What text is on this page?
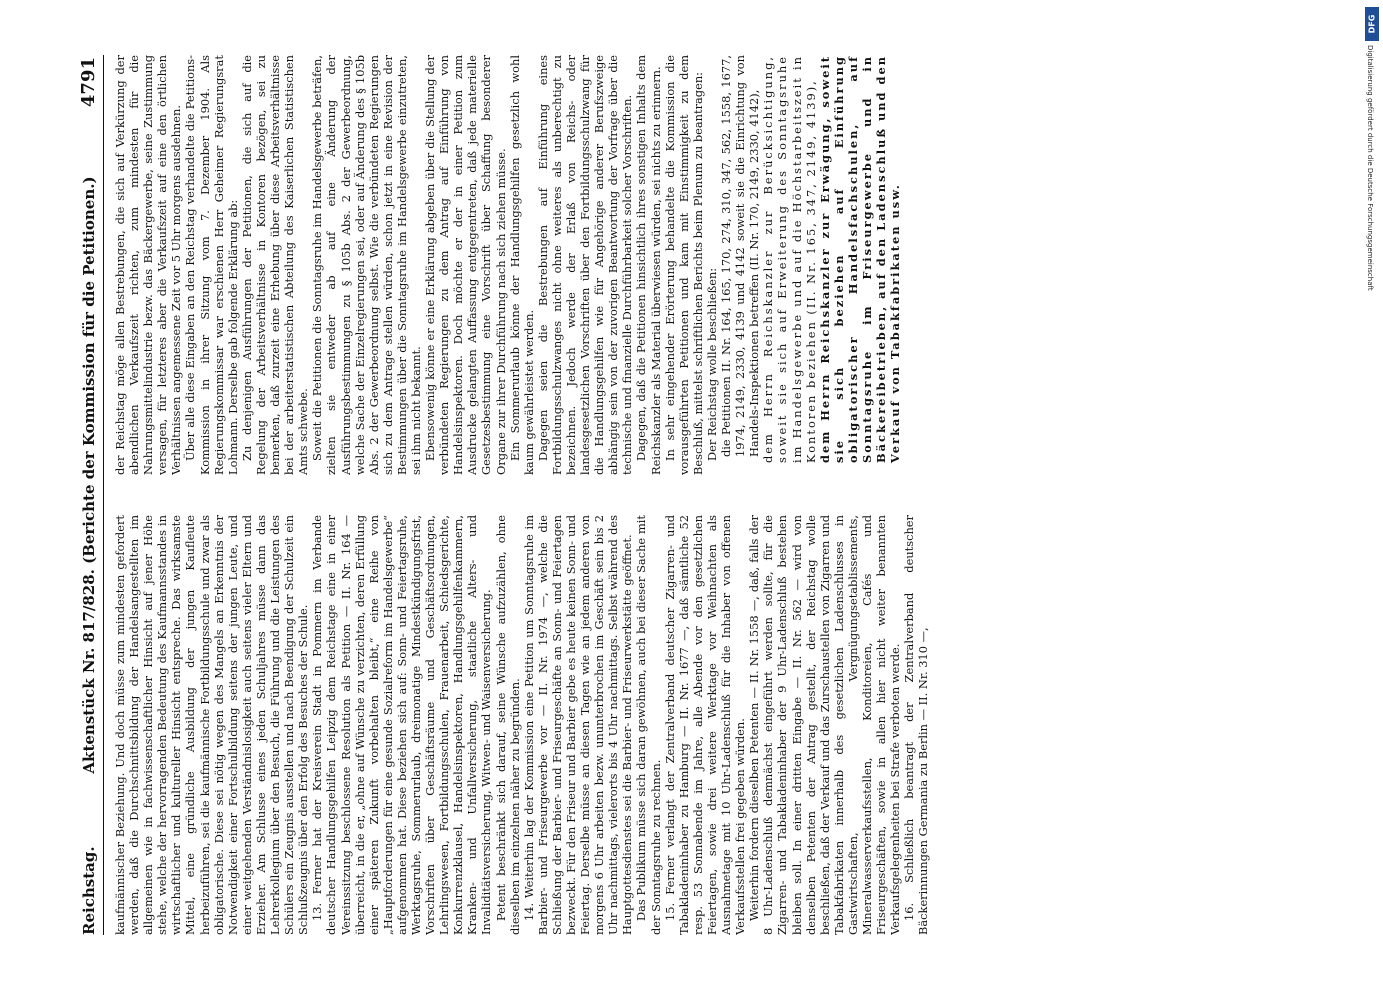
Reichstag.
Aktenstück Nr. 817/828. (Berichte der Kommission für die Petitionen.)
4791

kaufmännischer Beziehung. Und doch müsse zum mindesten gefordert werden, daß die Durchschnittsbildung der Handelsangestellten im allgemeinen wie in fachwissenschaftlicher Hinsicht auf jener Höhe stehe, welche der hervorragenden Bedeutung des Kaufmannsstandes in wirtschaftlicher und kultureller Hinsicht entspreche. Das wirksamste Mittel, eine gründliche Ausbildung der jungen Kaufleute herbeizuführen, sei die kaufmännische Fortbildungsschule und zwar als obligatorische. Diese sei nötig wegen des Mangels an Erkenntnis der Notwendigkeit einer Fortschulbildung seitens der jungen Leute, und einer weitgehenden Verständnislosigkeit auch seitens vieler Eltern und Erzieher. Am Schlusse eines jeden Schuljahres müsse dann das Lehrerkollegium über den Besuch, die Führung und die Leistungen des Schülers ein Zeugnis ausstellen und nach Beendigung der Schulzeit ein Schlußzeugnis über den Erfolg des Besuches der Schule. 13. Ferner hat der Kreisverein Stadt in Pommern im Verbande deutscher Handlungsgehilfen Leipzig dem Reichstage eine in einer Vereinssitzung beschlossene Resolution als Petition — II. Nr. 164 — überreicht, in die er, „ohne auf Wünsche zu verzichten, deren Erfüllung einer späteren Zukunft vorbehalten bleibt,“ eine Reihe von „Hauptforderungen für eine gesunde Sozialreform im Handelsgewerbe“ aufgenommen hat. Diese beziehen sich auf: Sonn- und Feiertagsruhe, Werktagsruhe, Sommerurlaub, dreimonatige Mindestkündigungsfrist, Vorschriften über Geschäftsräume und Geschäftsordnungen, Lehrlingswesen, Fortbildungsschulen, Frauenarbeit, Schiedsgerichte, Konkurrenzklausel, Handelsinspektoren, Handlungsgehilfenkammern, Kranken- und Unfallversicherung, staatliche Alters- und Invaliditätsversicherung, Witwen- und Waisenversicherung. Petent beschränkt sich darauf, seine Wünsche aufzuzählen, ohne dieselben im einzelnen näher zu begründen. 14. Weiterhin lag der Kommission eine Petition um Sonntagsruhe im Barbier- und Friseurgewerbe vor — II. Nr. 1974 —, welche die Schließung der Barbier- und Friseurgeschäfte an Sonn- und Feiertagen bezweckt. Für den Friseur und Barbier gebe es heute keinen Sonn- und Feiertag. Derselbe müsse an diesen Tagen wie an jedem anderen von morgens 6 Uhr arbeiten bezw. ununterbrochen im Geschäft sein bis 2 Uhr nachmittags, vielerorts bis 4 Uhr nachmittags. Selbst während des Hauptgottesdienstes sei die Barbier- und Friseurwerkstätte geöffnet. Das Publikum müsse sich daran gewöhnen, auch bei dieser Sache mit der Sonntagsruhe zu rechnen. 15. Ferner verlangt der Zentralverband deutscher Zigarren- und Tabakladeninhaber zu Hamburg — II. Nr. 1677 —, daß sämtliche 52 resp. 53 Sonnabende im Jahre, alle Abende vor den gesetzlichen Feiertagen, sowie drei weitere Werktage vor Weihnachten als Ausnahmetage mit 10 Uhr-Ladenschluß für die Inhaber von offenen Verkaufsstellen frei gegeben würden. Weiterhin fordern dieselben Petenten — II. Nr. 1558 —, daß, falls der 8 Uhr-Ladenschluß demnächst eingeführt werden sollte, für die Zigarren- und Tabakladeninhaber der 9 Uhr-Ladenschluß bestehen bleiben soll. In einer dritten Eingabe — II. Nr. 562 — wird von denselben Petenten der Antrag gestellt, der Reichstag wolle beschließen, daß der Verkauf und das Zurschaustellen von Zigarren und Tabakfabrikaten innerhalb des gesetzlichen Ladenschlusses in Gastwirtschaften, Vergnügungsetablissements, Mineralwasserverkaufsstellen, Konditoreien, Cafés und Friseurgeschäften, sowie in allen hier nicht weiter benannten Verkaufsgelegenheiten bei Strafe verboten werde. 16. Schließlich beantragt der Zentralverband deutscher Bäckerinnungen Germania zu Berlin — II. Nr. 310 —,

der Reichstag möge allen Bestrebungen, die sich auf Verkürzung der abendlichen Verkaufszeit richten, zum mindesten für die Nahrungsmittelindustrie bezw. das Bäckergewerbe, seine Zustimmung versagen, für letzteres aber die Verkaufszeit auf eine den örtlichen Verhältnissen angemessene Zeit vor 5 Uhr morgens ausdehnen. Über alle diese Eingaben an den Reichstag verhandelte die Petitions-Kommission in ihrer Sitzung vom 7. Dezember 1904. Als Regierungskommissar war erschienen Herr Geheimer Regierungsrat Lohmann. Derselbe gab folgende Erklärung ab: Zu denjenigen Ausführungen der Petitionen, die sich auf die Regelung der Arbeitsverhältnisse in Kontoren bezögen, sei zu bemerken, daß zurzeit eine Erhebung über diese Arbeitsverhältnisse bei der arbeiterstatistischen Abteilung des Kaiserlichen Statistischen Amts schwebe. Soweit die Petitionen die Sonntagsruhe im Handelsgewerbe beträfen, zielten sie entweder ab auf eine Änderung der Ausführungsbestimmungen zu § 105b Abs. 2 der Gewerbeordnung, welche Sache der Einzelregierungen sei, oder auf Änderung des § 105b Abs. 2 der Gewerbeordnung selbst. Wie die verbündeten Regierungen sich zu dem Antrage stellen würden, schon jetzt in eine Revision der Bestimmungen über die Sonntagsruhe im Handelsgewerbe einzutreten, sei ihm nicht bekannt. Ebensowenig könne er eine Erklärung abgeben über die Stellung der verbündeten Regierungen zu dem Antrag auf Einführung von Handelsinspektoren. Doch möchte er der in einer Petition zum Ausdrucke gelangten Auffassung entgegentreten, daß jede materielle Gesetzesbestimmung eine Vorschrift über Schaffung besonderer Organe zur ihrer Durchführung nach sich ziehen müsse. Ein Sommerurlaub könne der Handlungsgehilfen gesetzlich wohl kaum gewährleistet werden. Dagegen seien die Bestrebungen auf Einführung eines Fortbildungsschulzwanges nicht ohne weiteres als unberechtigt zu bezeichnen. Jedoch werde der Erlaß von Reichs- oder landesgesetzlichen Vorschriften über den Fortbildungsschulzwang für die Handlungsgehilfen wie für Angehörige anderer Berufszweige abhängig sein von der zuvorigen Beantwortung der Vorfrage über die technische und finanzielle Durchführbarkeit solcher Vorschriften. Dagegen, daß die Petitionen hinsichtlich ihres sonstigen Inhalts dem Reichskanzler als Material überwiesen würden, sei nichts zu erinnern. In sehr eingehender Erörterung behandelte die Kommission die vorausgeführten Petitionen und kam mit Einstimmigkeit zu dem Beschluß, mittelst schriftlichen Berichts beim Plenum zu beantragen: Der Reichstag wolle beschließen: die Petitionen II. Nr. 164, 165, 170, 274, 310, 347, 562, 1558, 1677, 1974, 2149, 2330, 4139 und 4142 soweit sie die Einrichtung von Handels-Inspektionen betreffen (II. Nr. 170, 2149, 2330, 4142), dem Herrn Reichskanzler zur Berücksichtigung, soweit sie sich auf Erweiterung des Sonntagsruhe im Handelsgewerbe und auf die Höchstarbeitszeit in Kontoren beziehen (II. Nr. 165, 347, 2149, 4139), dem Herrn Reichskanzler zur Erwägung, soweit sie sich beziehen auf Einführung obligatorischer Handelsfachschulen, auf Sonntagsruhe im Friseurgewerbe und in Bäckereibetrieben, auf den Ladenschluß und den Verkauf von Tabakfabrikaten usw.

DFG
Digitalisierung gefördert durch die Deutsche Forschungsgemeinschaft
